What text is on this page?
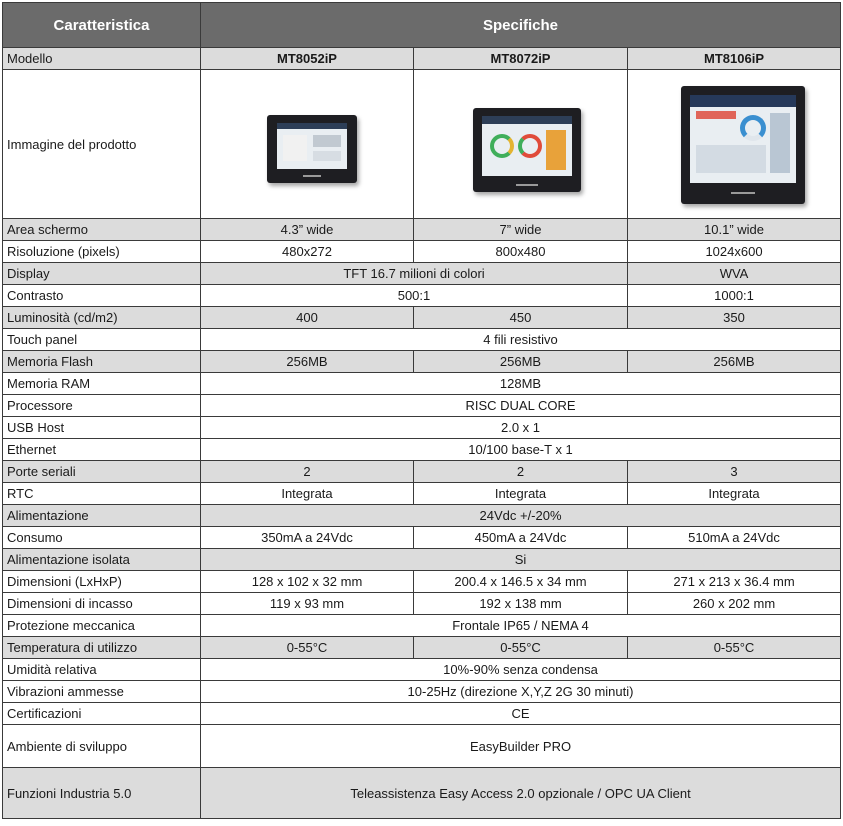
Caratteristica	Specifiche		
Modello	MT8052iP	MT8072iP	MT8106iP
Immagine del prodotto	

Area schermo	4.3” wide	7” wide	10.1” wide
Risoluzione (pixels)	480x272	800x480	1024x600
Display	TFT 16.7 milioni di colori		WVA
Contrasto	500:1		1000:1
Luminosità (cd/m2)	400	450	350
Touch panel	4 fili resistivo		
Memoria Flash	256MB	256MB	256MB
Memoria RAM	128MB		
Processore	RISC DUAL CORE		
USB Host	2.0 x 1		
Ethernet	10/100 base-T x 1		
Porte seriali	2	2	3
RTC	Integrata	Integrata	Integrata
Alimentazione	24Vdc +/-20%		
Consumo	350mA a 24Vdc	450mA a 24Vdc	510mA a 24Vdc
Alimentazione isolata	Si		
Dimensioni (LxHxP)	128 x 102 x 32 mm	200.4 x 146.5 x 34 mm	271 x 213 x 36.4 mm
Dimensioni di incasso	119 x 93 mm	192 x 138 mm	260 x 202 mm
Protezione meccanica	Frontale IP65 / NEMA 4		
Temperatura di utilizzo	0-55°C	0-55°C	0-55°C
Umidità relativa	10%-90% senza condensa		
Vibrazioni ammesse	10-25Hz (direzione X,Y,Z 2G 30 minuti)		
Certificazioni	CE		
Ambiente di sviluppo	EasyBuilder PRO		
Funzioni Industria 5.0	Teleassistenza Easy Access 2.0 opzionale / OPC UA Client		
